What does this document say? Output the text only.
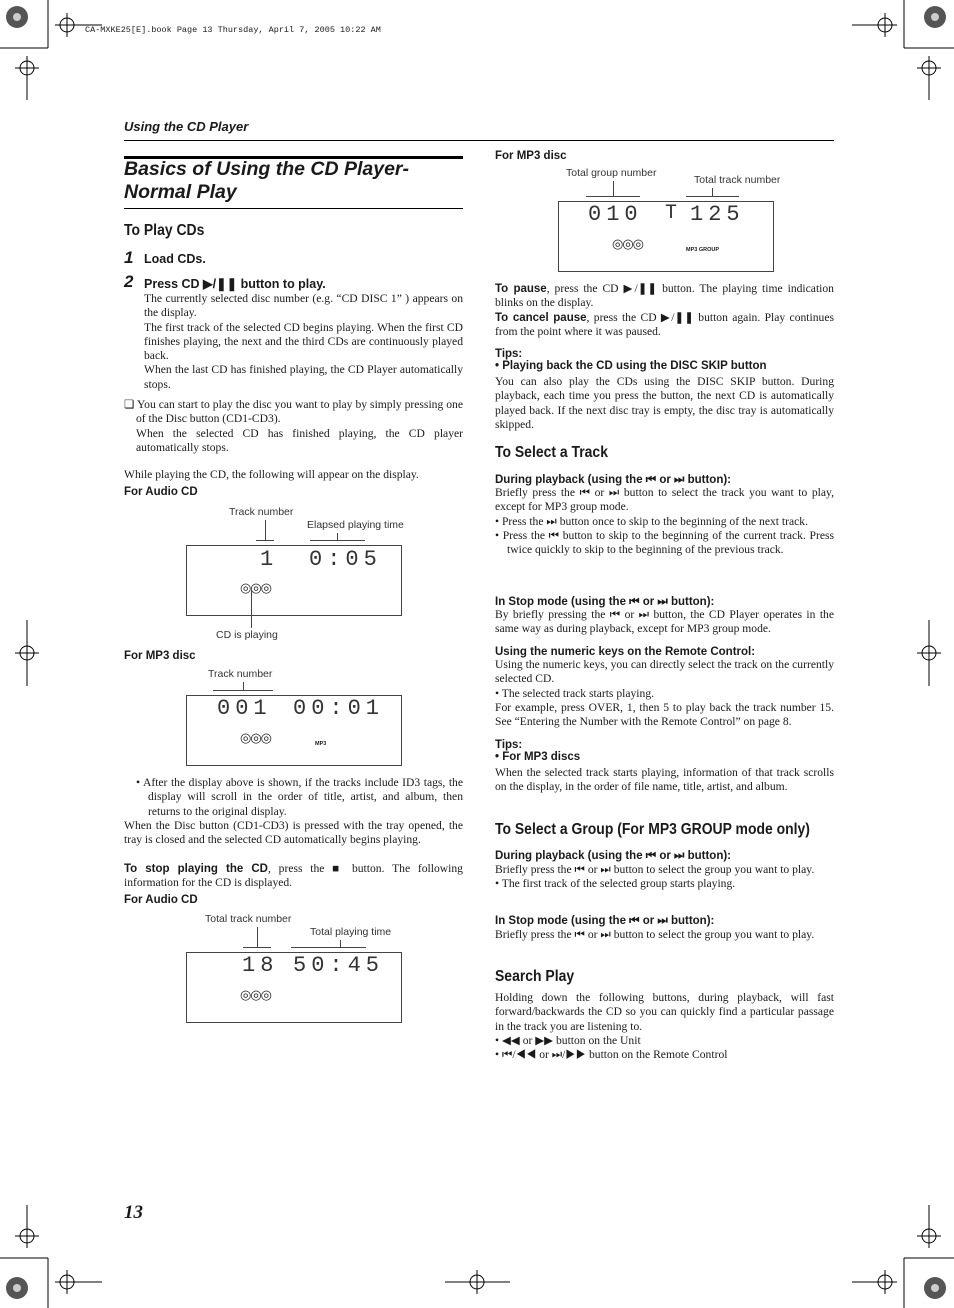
CA-MXKE25[E].book Page 13 Thursday, April 7, 2005 10:22 AM
Using the CD Player
Basics of Using the CD Player-
Normal Play
To Play CDs
1 Load CDs.
2 Press CD ▶/❚❚ button to play.
The currently selected disc number (e.g. “CD DISC 1” ) appears on the display.
The first track of the selected CD begins playing. When the first CD finishes playing, the next and the third CDs are continuously played back.
When the last CD has finished playing, the CD Player automatically stops.
❏ You can start to play the disc you want to play by simply pressing one of the Disc button (CD1-CD3).
When the selected CD has finished playing, the CD player automatically stops.
While playing the CD, the following will appear on the display.
For Audio CD
Track number
Elapsed playing time
1 0:05
◎◎◎
CD is playing
For MP3 disc
Track number
001 00:01
◎◎◎	MP3
• After the display above is shown, if the tracks include ID3 tags, the display will scroll in the order of title, artist, and album, then returns to the original display.
When the Disc button (CD1-CD3) is pressed with the tray opened, the tray is closed and the selected CD automatically begins playing.
To stop playing the CD, press the ■ button. The following information for the CD is displayed.
For Audio CD
Total track number
Total playing time
18 50:45
◎◎◎
13
For MP3 disc
Total group number
Total track number
010 T 125
◎◎◎	MP3 GROUP
To pause, press the CD ▶/❚❚ button. The playing time indication blinks on the display.
To cancel pause, press the CD ▶/❚❚ button again. Play continues from the point where it was paused.
Tips:
• Playing back the CD using the DISC SKIP button
You can also play the CDs using the DISC SKIP button. During playback, each time you press the button, the next CD is automatically played back. If the next disc tray is empty, the disc tray is automatically skipped.
To Select a Track
During playback (using the ⏮ or ⏭ button):
Briefly press the ⏮ or ⏭ button to select the track you want to play, except for MP3 group mode.
• Press the ⏭ button once to skip to the beginning of the next track.
• Press the ⏮ button to skip to the beginning of the current track. Press twice quickly to skip to the beginning of the previous track.
In Stop mode (using the ⏮ or ⏭ button):
By briefly pressing the ⏮ or ⏭ button, the CD Player operates in the same way as during playback, except for MP3 group mode.
Using the numeric keys on the Remote Control:
Using the numeric keys, you can directly select the track on the currently selected CD.
• The selected track starts playing.
For example, press OVER, 1, then 5 to play back the track number 15. See “Entering the Number with the Remote Control” on page 8.
Tips:
• For MP3 discs
When the selected track starts playing, information of that track scrolls on the display, in the order of file name, title, artist, and album.
To Select a Group (For MP3 GROUP mode only)
During playback (using the ⏮ or ⏭ button):
Briefly press the ⏮ or ⏭ button to select the group you want to play.
• The first track of the selected group starts playing.
In Stop mode (using the ⏮ or ⏭ button):
Briefly press the ⏮ or ⏭ button to select the group you want to play.
Search Play
Holding down the following buttons, during playback, will fast forward/backwards the CD so you can quickly find a particular passage in the track you are listening to.
• ◀◀ or ▶▶ button on the Unit
• ⏮/◀◀ or ⏭/▶▶ button on the Remote Control
